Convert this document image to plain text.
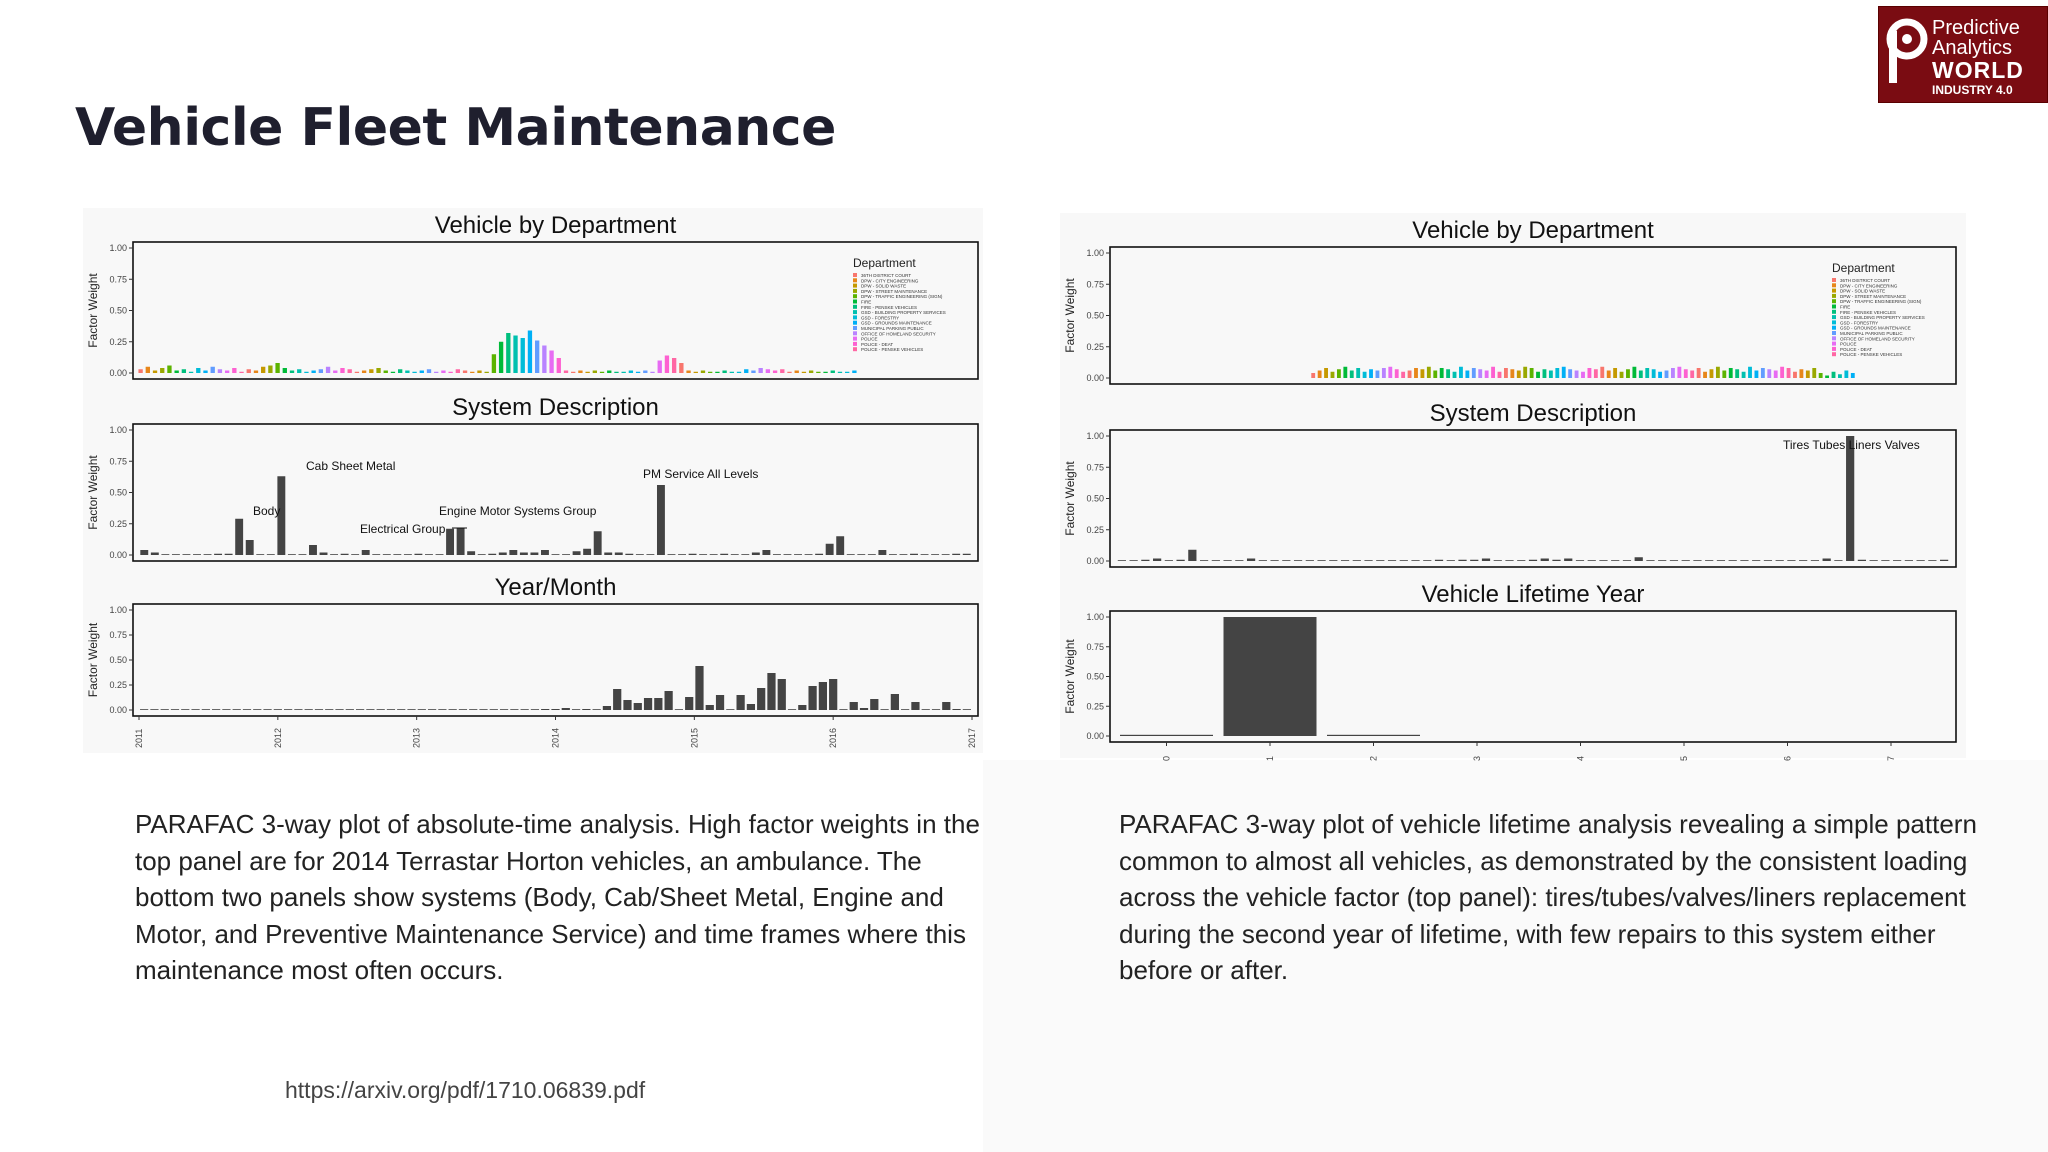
Vehicle Fleet Maintenance
Predictive
Analytics
WORLD
INDUSTRY 4.0
Vehicle by Department
1.00
0.75
0.50
0.25
0.00
Factor Weight
Department
36TH DISTRICT COURT
DPW - CITY ENGINEERING
DPW - SOLID WASTE
DPW - STREET MAINTENANCE
DPW - TRAFFIC ENGINEERING (SIGN)
FIRE
FIRE - PENSKE VEHICLES
GSD - BUILDING PROPERTY SERVICES
GSD - FORESTRY
GSD - GROUNDS MAINTENANCE
MUNICIPAL PARKING PUBLIC
OFFICE OF HOMELAND SECURITY
POLICE
POLICE - DEAT
POLICE - PENSKE VEHICLES
System Description
1.00
0.75
0.50
0.25
0.00
Factor Weight	Body
Cab Sheet Metal
Electrical Group
Engine Motor Systems Group
PM Service All Levels
Year/Month
1.00
0.75
0.50
0.25
0.00
Factor Weight
2011	2012	2013	2014	2015	2016	2017
Vehicle by Department
1.00
0.75
0.50
0.25
0.00
Factor Weight
Department
36TH DISTRICT COURT
DPW - CITY ENGINEERING
DPW - SOLID WASTE
DPW - STREET MAINTENANCE
DPW - TRAFFIC ENGINEERING (SIGN)
FIRE
FIRE - PENSKE VEHICLES
GSD - BUILDING PROPERTY SERVICES
GSD - FORESTRY
GSD - GROUNDS MAINTENANCE
MUNICIPAL PARKING PUBLIC
OFFICE OF HOMELAND SECURITY
POLICE
POLICE - DEAT
POLICE - PENSKE VEHICLES
System Description
1.00
0.75
0.50
0.25
0.00
Factor Weight
Tires Tubes Liners Valves
Vehicle Lifetime Year
1.00
0.75
0.50
0.25
0.00
Factor Weight
0	1	2	3	4	5	6	7

PARAFAC 3-way plot of absolute-time analysis. High factor weights in the top panel are for 2014 Terrastar Horton vehicles, an ambulance. The bottom two panels show systems (Body, Cab/Sheet Metal, Engine and Motor, and Preventive Maintenance Service) and time frames where this maintenance most often occurs.

PARAFAC 3-way plot of vehicle lifetime analysis revealing a simple pattern common to almost all vehicles, as demonstrated by the consistent loading across the vehicle factor (top panel): tires/tubes/valves/liners replacement during the second year of lifetime, with few repairs to this system either before or after.

https://arxiv.org/pdf/1710.06839.pdf
